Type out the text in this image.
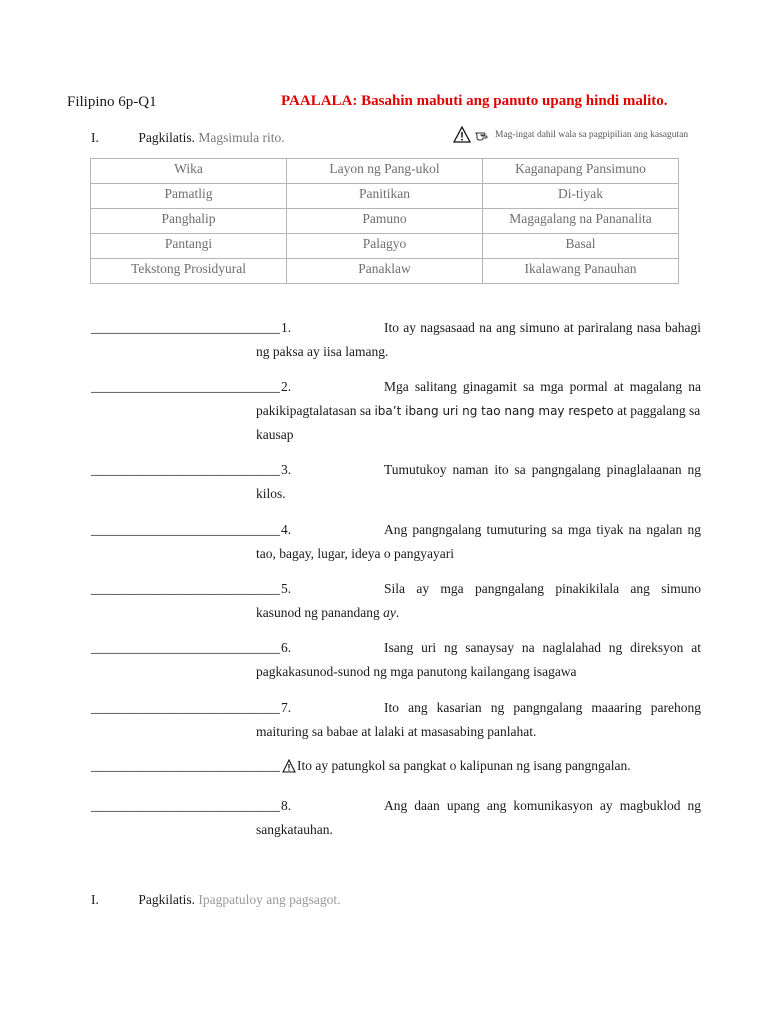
Filipino 6p-Q1	PAALALA: Basahin mabuti ang panuto upang hindi malito.
I.	Pagkilatis. Magsimula rito.	Mag-ingat dahil wala sa pagpipilian ang kasagutan
Wika	Layon ng Pang-ukol	Kaganapang Pansimuno
Pamatlig	Panitikan	Di-tiyak
Panghalip	Pamuno	Magagalang na Pananalita
Pantangi	Palagyo	Basal
Tekstong Prosidyural	Panaklaw	Ikalawang Panauhan
____________________________ 1.	Ito ay nagsasaad na ang simuno at pariralang nasa bahagi
ng paksa ay iisa lamang.
____________________________ 2.	Mga salitang ginagamit sa mga pormal at magalang na
pakikipagtalatasan sa iba’t ibang uri ng tao nang may respeto at paggalang sa
kausap
____________________________ 3.	Tumutukoy naman ito sa pangngalang pinaglalaanan ng
kilos.
____________________________ 4.	Ang pangngalang tumuturing sa mga tiyak na ngalan ng
tao, bagay, lugar, ideya o pangyayari
____________________________ 5.	Sila ay mga pangngalang pinakikilala ang simuno
kasunod ng panandang ay.
____________________________ 6.	Isang uri ng sanaysay na naglalahad ng direksyon at
pagkakasunod-sunod ng mga panutong kailangang isagawa
____________________________ 7.	Ito ang kasarian ng pangngalang maaaring parehong
maituring sa babae at lalaki at masasabing panlahat.
____________________________ Ito ay patungkol sa pangkat o kalipunan ng isang pangngalan.
____________________________ 8.	Ang daan upang ang komunikasyon ay magbuklod ng
sangkatauhan.
I.	Pagkilatis. Ipagpatuloy ang pagsagot.
